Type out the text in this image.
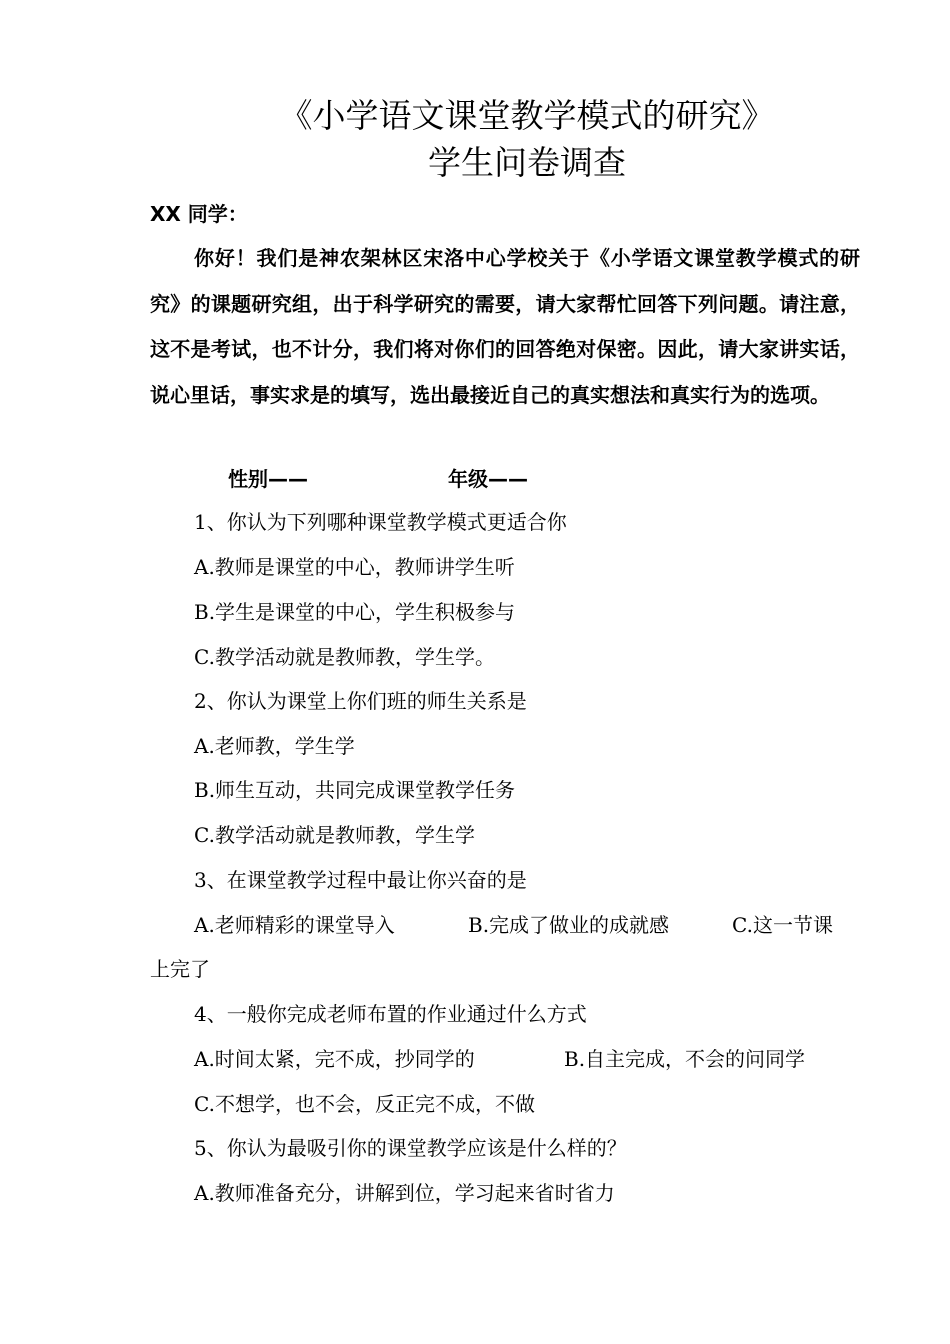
《小学语文课堂教学模式的研究》
学生问卷调查

XX 同学：

你好！我们是神农架林区宋洛中心学校关于《小学语文课堂教学模式的研究》的课题研究组，出于科学研究的需要，请大家帮忙回答下列问题。请注意，这不是考试，也不计分，我们将对你们的回答绝对保密。因此，请大家讲实话，说心里话，事实求是的填写，选出最接近自己的真实想法和真实行为的选项。

性别——	年级——

1、你认为下列哪种课堂教学模式更适合你

A.教师是课堂的中心，教师讲学生听

B.学生是课堂的中心，学生积极参与

C.教学活动就是教师教，学生学。

2、你认为课堂上你们班的师生关系是

A.老师教，学生学

B.师生互动，共同完成课堂教学任务

C.教学活动就是教师教，学生学

3、在课堂教学过程中最让你兴奋的是

A.老师精彩的课堂导入	B.完成了做业的成就感	C.这一节课

上完了

4、一般你完成老师布置的作业通过什么方式

A.时间太紧，完不成，抄同学的	B.自主完成，不会的问同学

C.不想学，也不会，反正完不成，不做

5、你认为最吸引你的课堂教学应该是什么样的？

A.教师准备充分，讲解到位，学习起来省时省力
